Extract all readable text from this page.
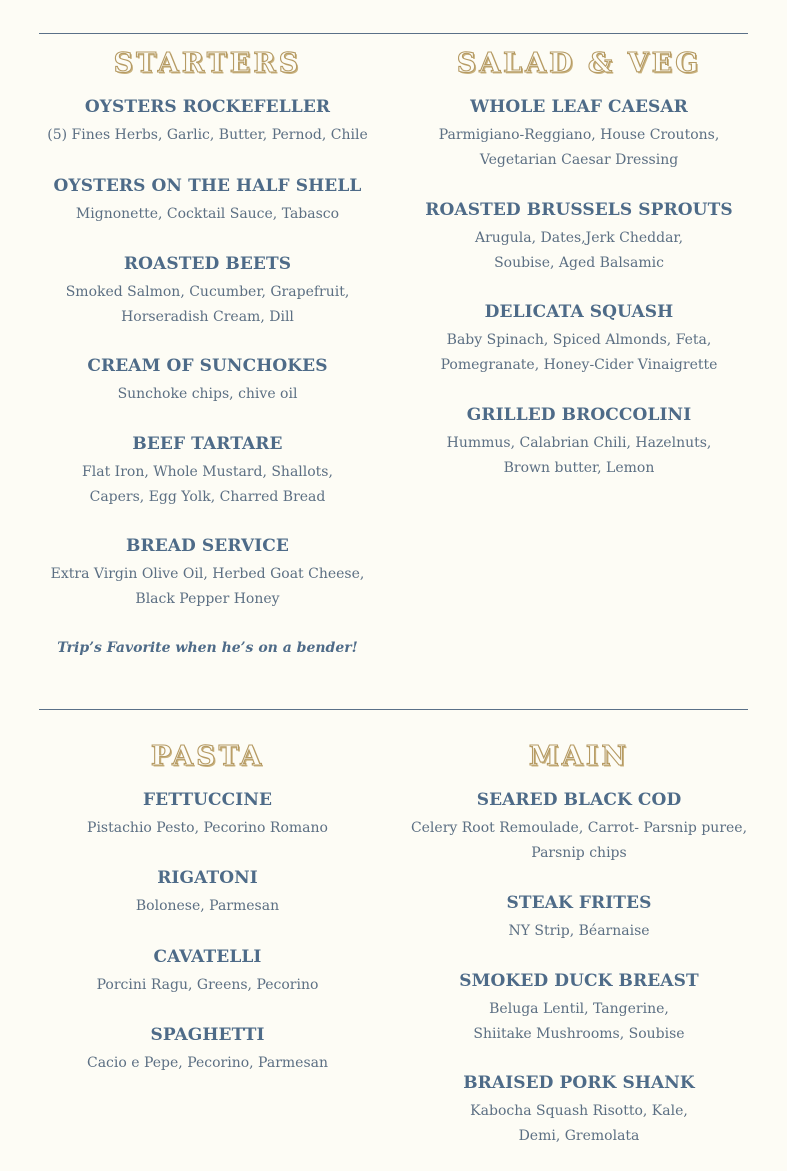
STARTERS
OYSTERS ROCKEFELLER
(5) Fines Herbs, Garlic, Butter, Pernod, Chile
OYSTERS ON THE HALF SHELL
Mignonette, Cocktail Sauce, Tabasco
ROASTED BEETS
Smoked Salmon, Cucumber, Grapefruit,
Horseradish Cream, Dill
CREAM OF SUNCHOKES
Sunchoke chips, chive oil
BEEF TARTARE
Flat Iron, Whole Mustard, Shallots,
Capers, Egg Yolk, Charred Bread
BREAD SERVICE
Extra Virgin Olive Oil, Herbed Goat Cheese,
Black Pepper Honey
Trip’s Favorite when he’s on a bender!
SALAD & VEG
WHOLE LEAF CAESAR
Parmigiano-Reggiano, House Croutons,
Vegetarian Caesar Dressing
ROASTED BRUSSELS SPROUTS
Arugula, Dates,Jerk Cheddar,
Soubise, Aged Balsamic
DELICATA SQUASH
Baby Spinach, Spiced Almonds, Feta,
Pomegranate, Honey-Cider Vinaigrette
GRILLED BROCCOLINI
Hummus, Calabrian Chili, Hazelnuts,
Brown butter, Lemon
PASTA
FETTUCCINE
Pistachio Pesto, Pecorino Romano
RIGATONI
Bolonese, Parmesan
CAVATELLI
Porcini Ragu, Greens, Pecorino
SPAGHETTI
Cacio e Pepe, Pecorino, Parmesan
MAIN
SEARED BLACK COD
Celery Root Remoulade, Carrot- Parsnip puree,
Parsnip chips
STEAK FRITES
NY Strip, Béarnaise
SMOKED DUCK BREAST
Beluga Lentil, Tangerine,
Shiitake Mushrooms, Soubise
BRAISED PORK SHANK
Kabocha Squash Risotto, Kale,
Demi, Gremolata
